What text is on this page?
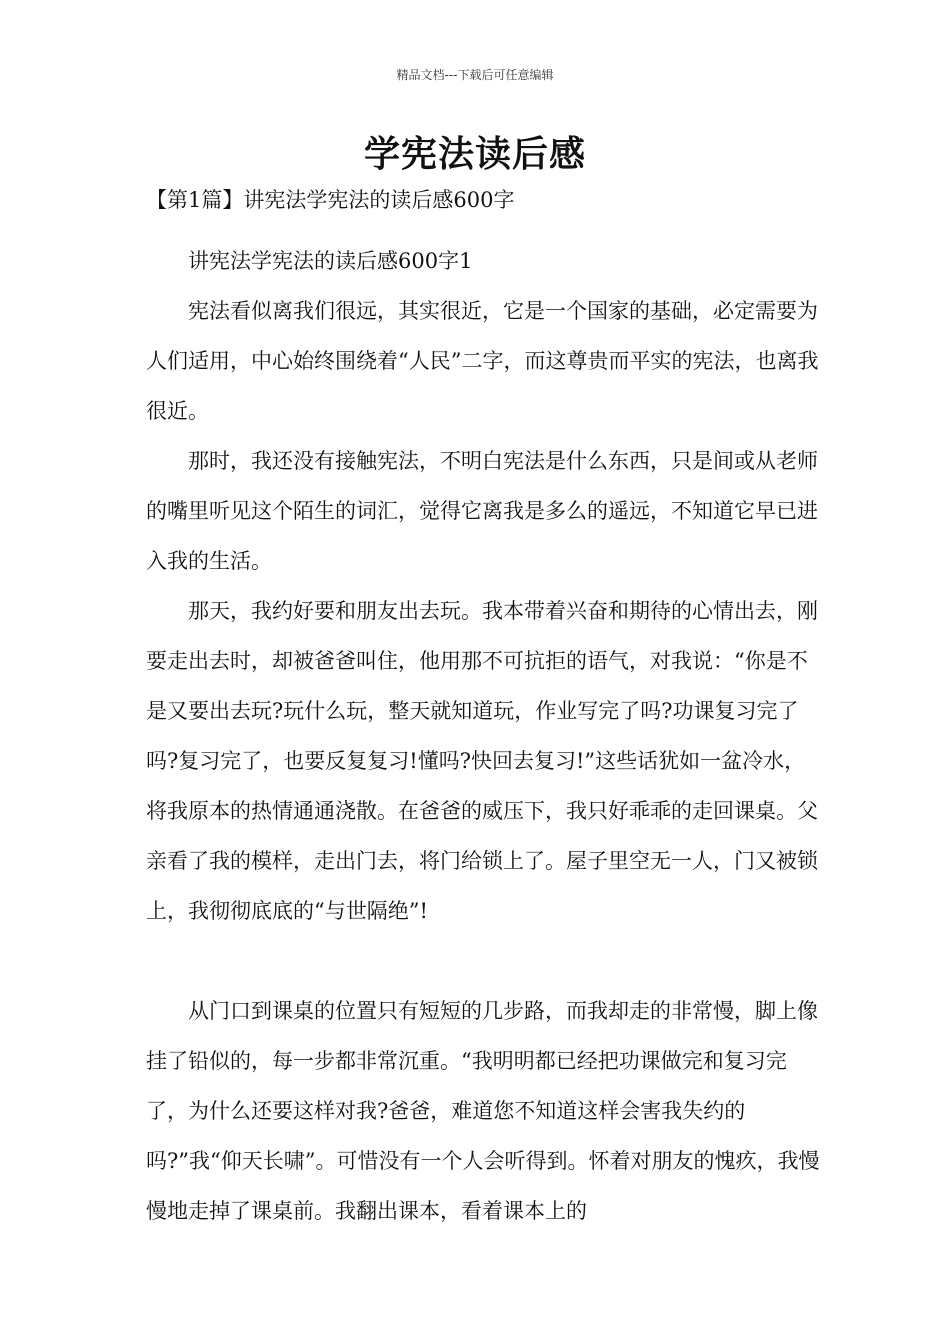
精品文档---下载后可任意编辑
学宪法读后感

【第1篇】讲宪法学宪法的读后感600字

讲宪法学宪法的读后感600字1

宪法看似离我们很远，其实很近，它是一个国家的基础，必定需要为人们适用，中心始终围绕着“人民”二字，而这尊贵而平实的宪法，也离我很近。

那时，我还没有接触宪法，不明白宪法是什么东西，只是间或从老师的嘴里听见这个陌生的词汇，觉得它离我是多么的遥远，不知道它早已进入我的生活。

那天，我约好要和朋友出去玩。我本带着兴奋和期待的心情出去，刚要走出去时，却被爸爸叫住，他用那不可抗拒的语气，对我说：“你是不是又要出去玩?玩什么玩，整天就知道玩，作业写完了吗?功课复习完了吗?复习完了，也要反复复习!懂吗?快回去复习!”这些话犹如一盆冷水，将我原本的热情通通浇散。在爸爸的威压下，我只好乖乖的走回课桌。父亲看了我的模样，走出门去，将门给锁上了。屋子里空无一人，门又被锁上，我彻彻底底的“与世隔绝”!

从门口到课桌的位置只有短短的几步路，而我却走的非常慢，脚上像挂了铅似的，每一步都非常沉重。“我明明都已经把功课做完和复习完了，为什么还要这样对我?爸爸，难道您不知道这样会害我失约的吗?”我“仰天长啸”。可惜没有一个人会听得到。怀着对朋友的愧疚，我慢慢地走掉了课桌前。我翻出课本，看着课本上的
